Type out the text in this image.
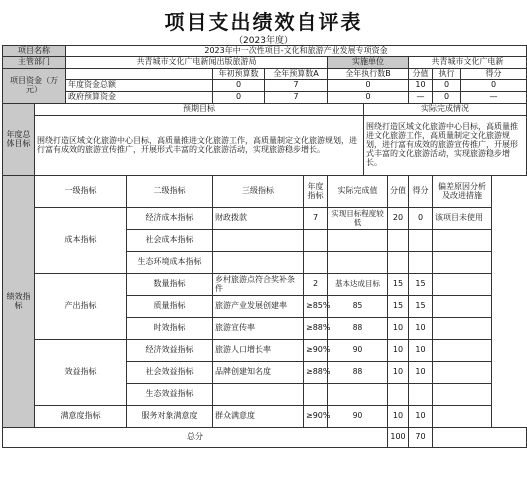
项目支出绩效自评表
（2023年度）
项目名称		2023年中一次性项目-文化和旅游产业发展专项资金										
主管部门		共青城市文化广电新闻出版旅游局					实施单位			共青城市文化广电新		
项目资金（万元）				年初预算数	全年预算数A		全年执行数B			分值	执行	得分
		年度资金总额		0	7		0			10	0	0
		政府预算资金		0	7		0			—	0	—
年度总体目标	预期目标							实际完成情况				
	围绕打造区域文化旅游中心目标，高质量推进文化旅游工作，高质量制定文化旅游规划，进行富有成效的旅游宣传推广，开展形式丰富的文化旅游活动，实现旅游稳步增长。							围绕打造区域文化旅游中心目标，高质量推进文化旅游工作，高质量制定文化旅游规划，进行富有成效的旅游宣传推广，开展形式丰富的文化旅游活动，实现旅游稳步增长。				
绩效指标	一级指标		二级指标	三级指标		年度指标	实际完成值		分值	得分	偏差原因分析及改进措施	
	成本指标		经济成本指标	财政拨款		7	实现目标程度较低		20	0	该项目未使用	
			社会成本指标									
			生态环境成本指标									
	产出指标		数量指标	乡村旅游点符合奖补条件		2	基本达成目标		15	15		
			质量指标	旅游产业发展创建率		≥85%	85		15	15		
			时效指标	旅游宣传率		≥88%	88		10	10		
	效益指标		经济效益指标	旅游人口增长率		≥90%	90		10	10		
			社会效益指标	品牌创建知名度		≥88%	88		10	10		
			生态效益指标									
	满意度指标		服务对象满意度	群众满意度		≥90%	90		10	10		
总分									100	70		
